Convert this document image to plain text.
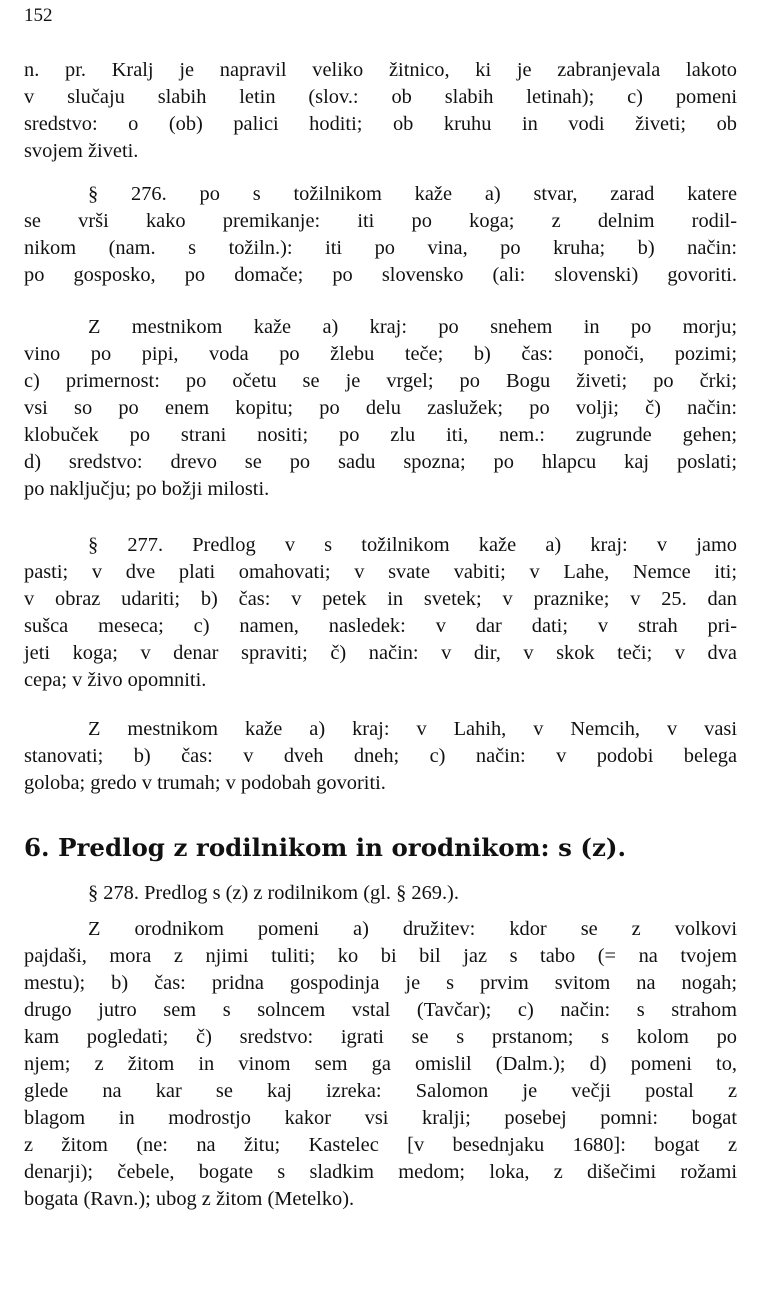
152
n. pr. Kralj je napravil veliko žitnico, ki je zabranjevala lakoto
v slučaju slabih letin (slov.: ob slabih letinah); c) pomeni
sredstvo: o (ob) palici hoditi; ob kruhu in vodi živeti; ob
svojem živeti.
§ 276. po s tožilnikom kaže a) stvar, zarad katere
se vrši kako premikanje: iti po koga; z delnim rodil-
nikom (nam. s tožiln.): iti po vina, po kruha; b) način:
po gosposko, po domače; po slovensko (ali: slovenski) govoriti.
Z mestnikom kaže a) kraj: po snehem in po morju;
vino po pipi, voda po žlebu teče; b) čas: ponoči, pozimi;
c) primernost: po očetu se je vrgel; po Bogu živeti; po črki;
vsi so po enem kopitu; po delu zaslužek; po volji; č) način:
klobuček po strani nositi; po zlu iti, nem.: zugrunde gehen;
d) sredstvo: drevo se po sadu spozna; po hlapcu kaj poslati;
po naključju; po božji milosti.
§ 277. Predlog v s tožilnikom kaže a) kraj: v jamo
pasti; v dve plati omahovati; v svate vabiti; v Lahe, Nemce iti;
v obraz udariti; b) čas: v petek in svetek; v praznike; v 25. dan
sušca meseca; c) namen, nasledek: v dar dati; v strah pri-
jeti koga; v denar spraviti; č) način: v dir, v skok teči; v dva
cepa; v živo opomniti.
Z mestnikom kaže a) kraj: v Lahih, v Nemcih, v vasi
stanovati; b) čas: v dveh dneh; c) način: v podobi belega
goloba; gredo v trumah; v podobah govoriti.
§ 278. Predlog s (z) z rodilnikom (gl. § 269.).
Z orodnikom pomeni a) družitev: kdor se z volkovi
pajdaši, mora z njimi tuliti; ko bi bil jaz s tabo (= na tvojem
mestu); b) čas: pridna gospodinja je s prvim svitom na nogah;
drugo jutro sem s solncem vstal (Tavčar); c) način: s strahom
kam pogledati; č) sredstvo: igrati se s prstanom; s kolom po
njem; z žitom in vinom sem ga omislil (Dalm.); d) pomeni to,
glede na kar se kaj izreka: Salomon je večji postal z
blagom in modrostjo kakor vsi kralji; posebej pomni: bogat
z žitom (ne: na žitu; Kastelec [v besednjaku 1680]: bogat z
denarji); čebele, bogate s sladkim medom; loka, z dišečimi rožami
bogata (Ravn.); ubog z žitom (Metelko).
6. Predlog z rodilnikom in orodnikom: s (z).
